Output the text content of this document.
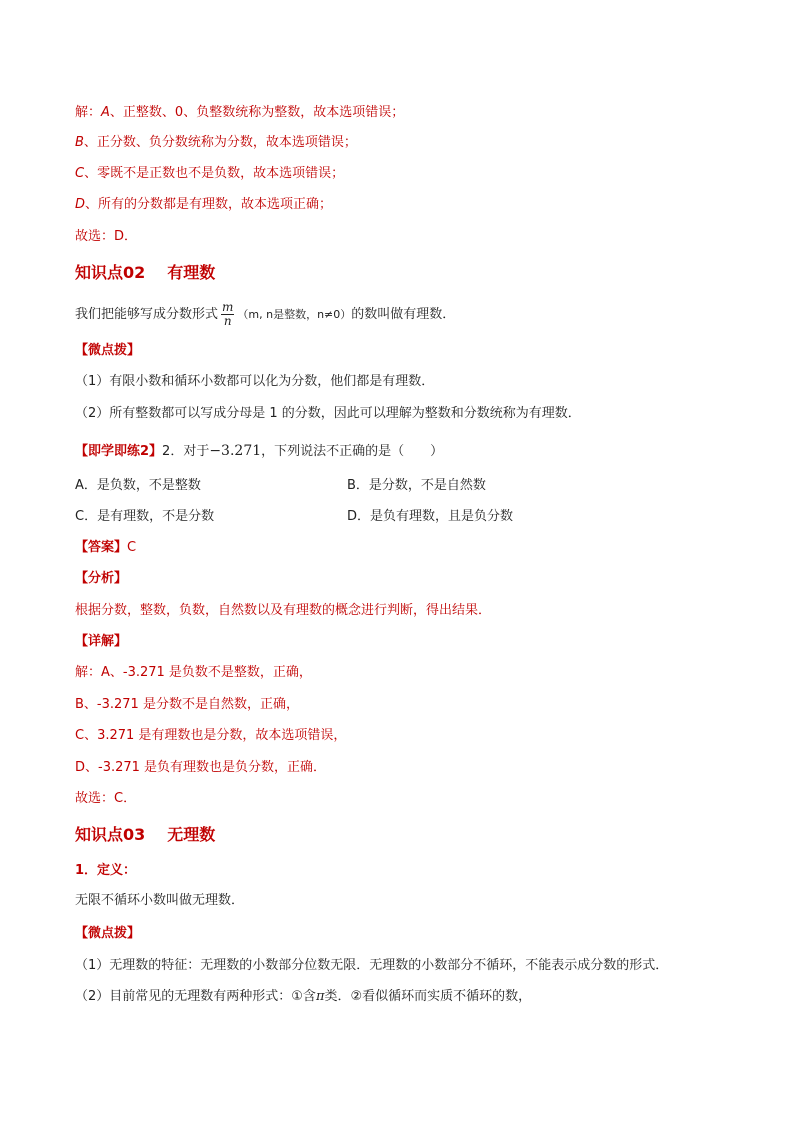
解：A、正整数、0、负整数统称为整数，故本选项错误；
B、正分数、负分数统称为分数，故本选项错误；
C、零既不是正数也不是负数，故本选项错误；
D、所有的分数都是有理数，故本选项正确；
故选：D．
知识点02 有理数
我们把能够写成分数形式 $\frac{m}{n} (m$, n是整数，n≠0）的数叫做有理数．
【微点拨】
（1）有限小数和循环小数都可以化为分数，他们都是有理数．
（2）所有整数都可以写成分母是 1 的分数，因此可以理解为整数和分数统称为有理数．
【即学即练2】2．对于−3.271，下列说法不正确的是（　　）
A．是负数，不是整数	B．是分数，不是自然数
C．是有理数，不是分数	D．是负有理数，且是负分数
【答案】C
【分析】
根据分数，整数，负数，自然数以及有理数的概念进行判断，得出结果．
【详解】
解：A、-3.271 是负数不是整数，正确，
B、-3.271 是分数不是自然数，正确，
C、3.271 是有理数也是分数，故本选项错误，
D、-3.271 是负有理数也是负分数，正确．
故选：C．
知识点03 无理数
1．定义：
无限不循环小数叫做无理数．
【微点拨】
（1）无理数的特征：无理数的小数部分位数无限．无理数的小数部分不循环，不能表示成分数的形式．
（2）目前常见的无理数有两种形式：①含π类．②看似循环而实质不循环的数，
